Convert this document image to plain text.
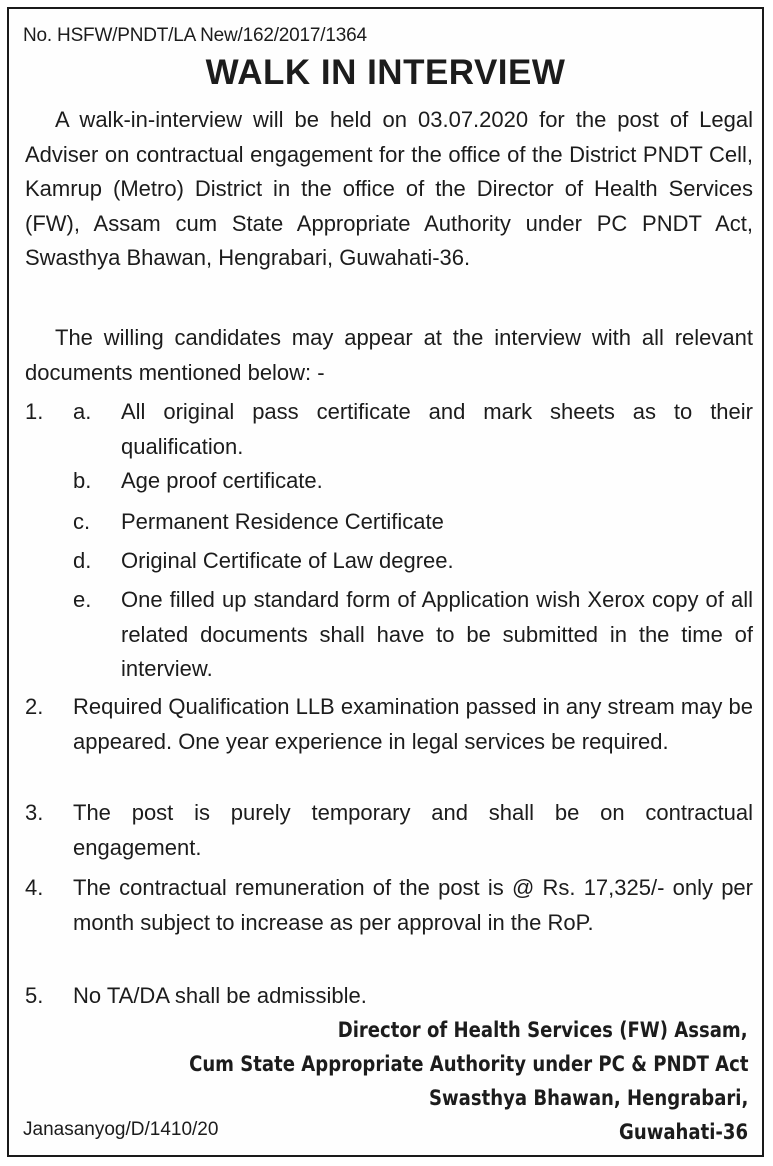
No. HSFW/PNDT/LA New/162/2017/1364
WALK IN INTERVIEW
A walk-in-interview will be held on 03.07.2020 for the post of Legal Adviser on contractual engagement for the office of the District PNDT Cell, Kamrup (Metro) District in the office of the Director of Health Services (FW), Assam cum State Appropriate Authority under PC PNDT Act, Swasthya Bhawan, Hengrabari, Guwahati-36.
The willing candidates may appear at the interview with all relevant documents mentioned below: -
1. a. All original pass certificate and mark sheets as to their qualification.
b. Age proof certificate.
c. Permanent Residence Certificate
d. Original Certificate of Law degree.
e. One filled up standard form of Application wish Xerox copy of all related documents shall have to be submitted in the time of interview.
2. Required Qualification LLB examination passed in any stream may be appeared. One year experience in legal services be required.
3. The post is purely temporary and shall be on contractual engagement.
4. The contractual remuneration of the post is @ Rs. 17,325/- only per month subject to increase as per approval in the RoP.
5. No TA/DA shall be admissible.
Director of Health Services (FW) Assam,
Cum State Appropriate Authority under PC & PNDT Act
Swasthya Bhawan, Hengrabari,
Guwahati-36
Janasanyog/D/1410/20
